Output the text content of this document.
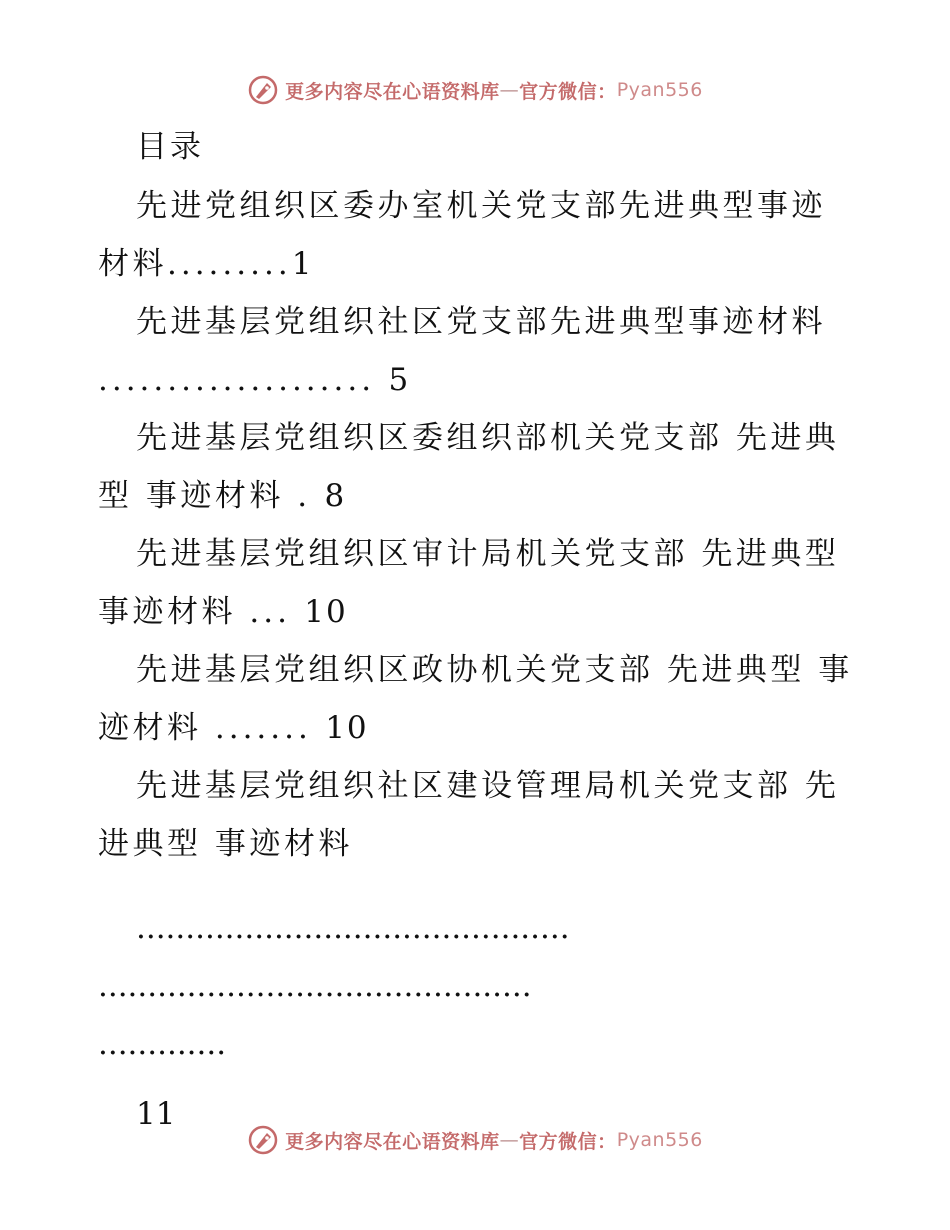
更多内容尽在心语资料库 — 官方微信： Pyan556
目录

先进党组织区委办室机关党支部先进典型事迹材料.........1

先进基层党组织社区党支部先进典型事迹材料 .................... 5

先进基层党组织区委组织部机关党支部 先进典型 事迹材料 . 8

先进基层党组织区审计局机关党支部 先进典型 事迹材料 ... 10

先进基层党组织区政协机关党支部 先进典型 事迹材料 ....... 10

先进基层党组织社区建设管理局机关党支部 先进典型 事迹材料

............................................

............................................

.............

11

更多内容尽在心语资料库 — 官方微信： Pyan556
